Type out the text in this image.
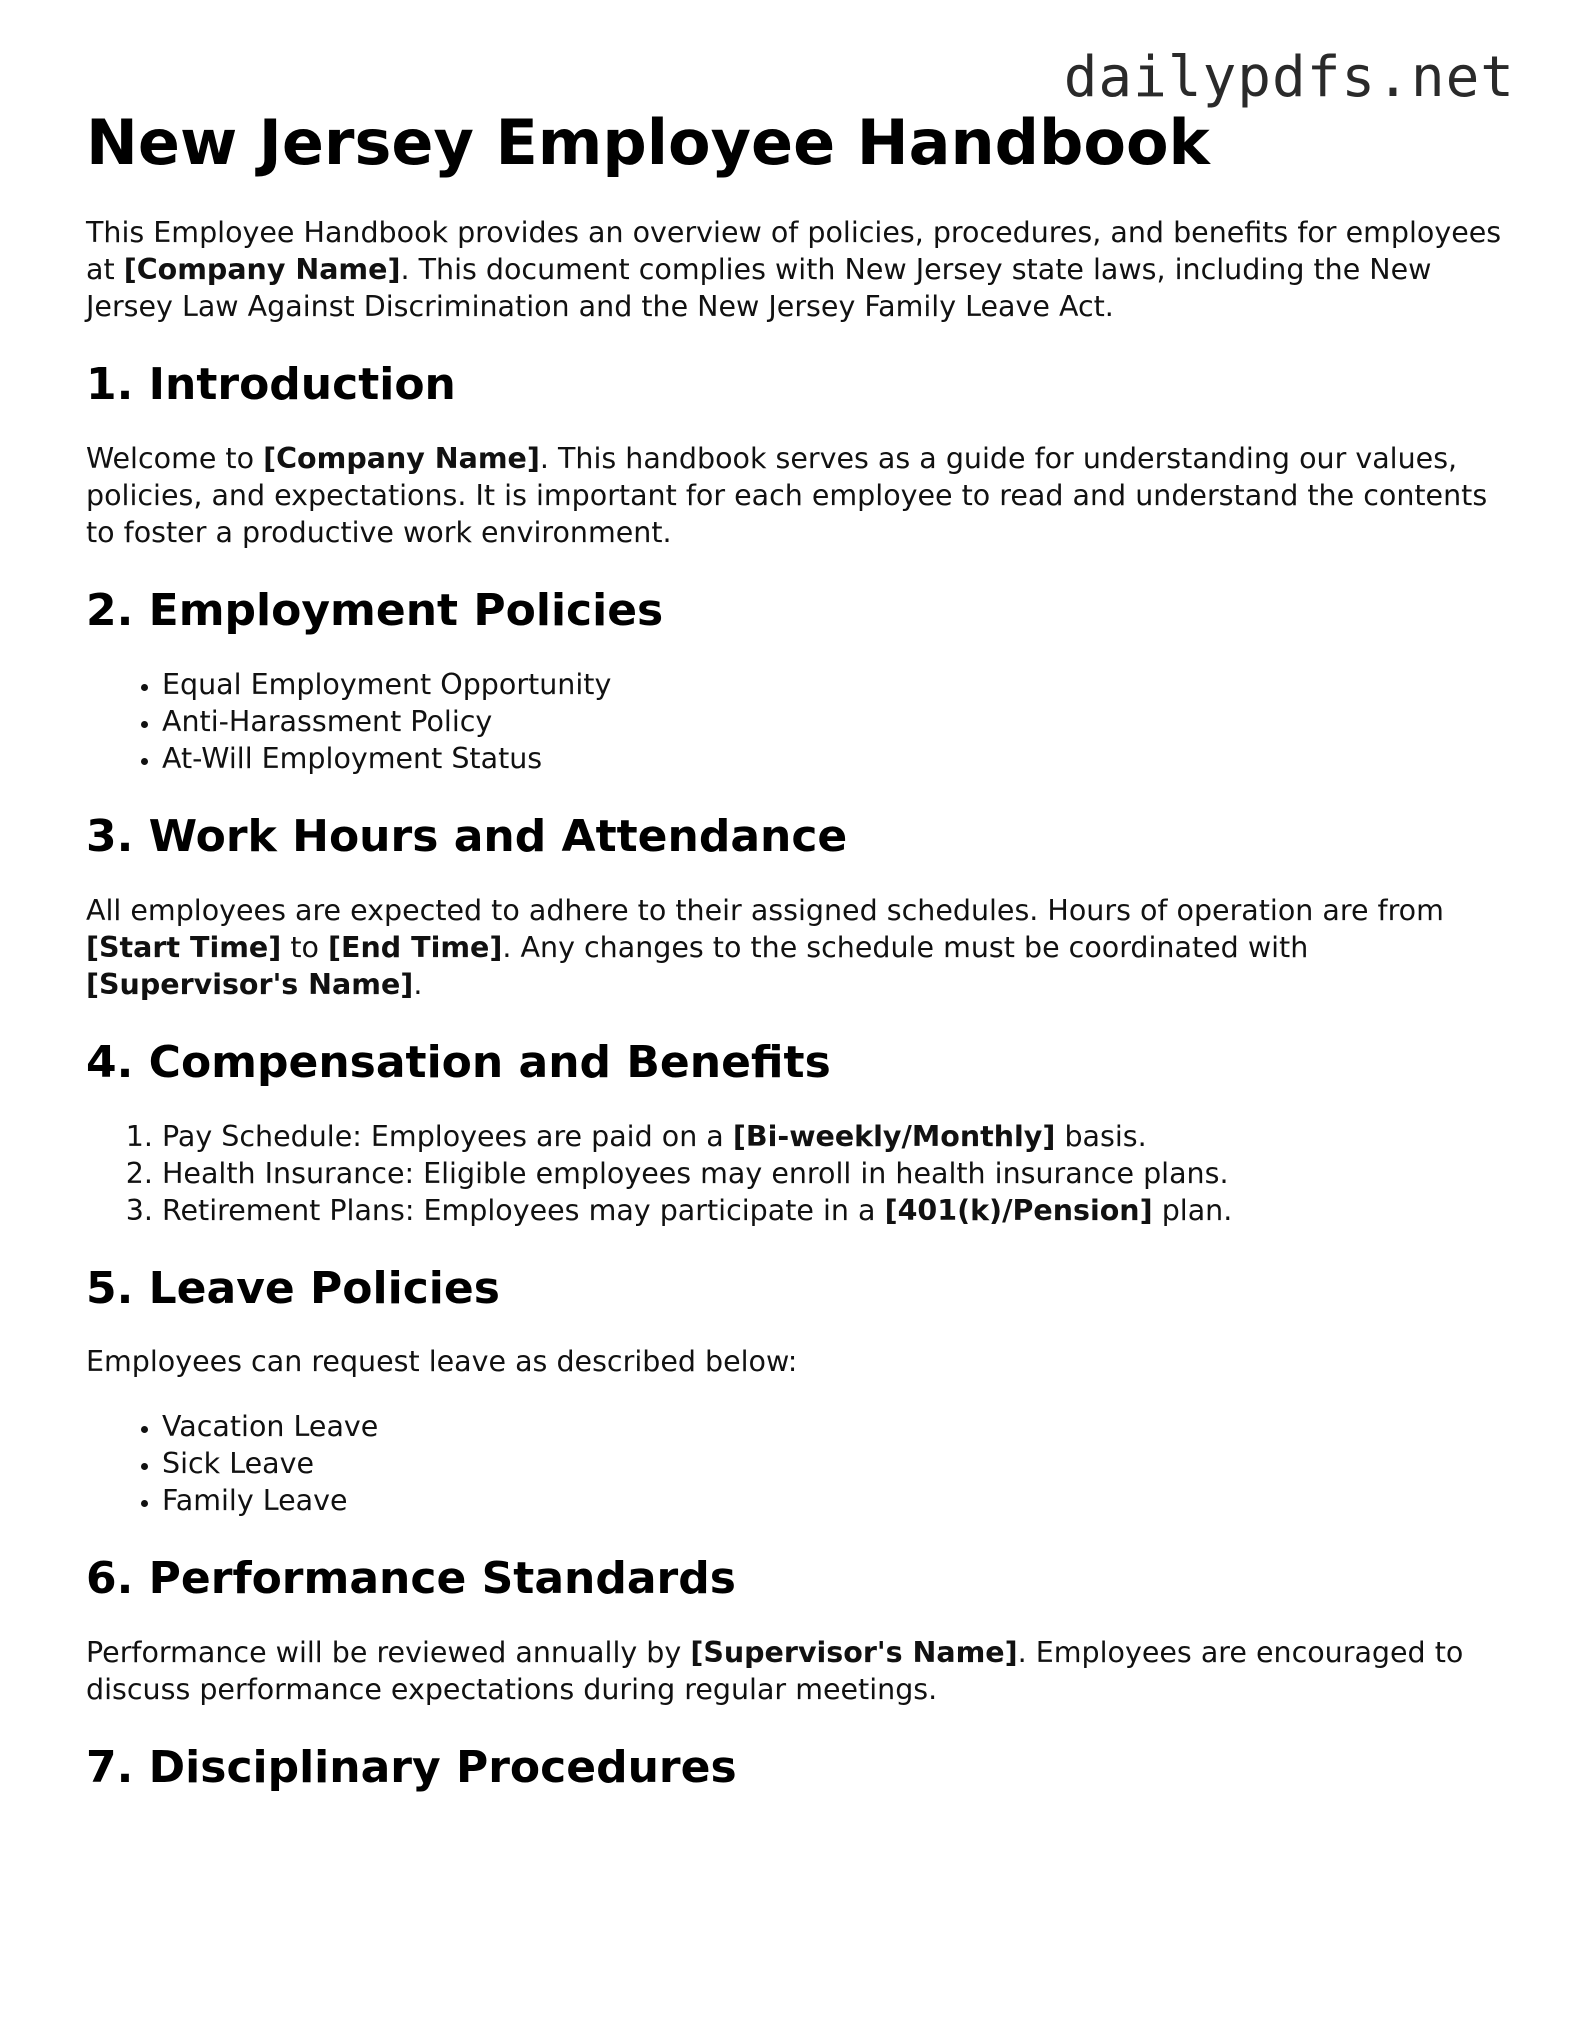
dailypdfs.net
New Jersey Employee Handbook

This Employee Handbook provides an overview of policies, procedures, and benefits for employees at [Company Name]. This document complies with New Jersey state laws, including the New Jersey Law Against Discrimination and the New Jersey Family Leave Act.

1. Introduction

Welcome to [Company Name]. This handbook serves as a guide for understanding our values, policies, and expectations. It is important for each employee to read and understand the contents to foster a productive work environment.

2. Employment Policies
• Equal Employment Opportunity
• Anti-Harassment Policy
• At-Will Employment Status
3. Work Hours and Attendance

All employees are expected to adhere to their assigned schedules. Hours of operation are from [Start Time] to [End Time]. Any changes to the schedule must be coordinated with [Supervisor's Name].

4. Compensation and Benefits
1. Pay Schedule: Employees are paid on a [Bi-weekly/Monthly] basis.
2. Health Insurance: Eligible employees may enroll in health insurance plans.
3. Retirement Plans: Employees may participate in a [401(k)/Pension] plan.
5. Leave Policies

Employees can request leave as described below:

• Vacation Leave
• Sick Leave
• Family Leave
6. Performance Standards

Performance will be reviewed annually by [Supervisor's Name]. Employees are encouraged to discuss performance expectations during regular meetings.

7. Disciplinary Procedures
